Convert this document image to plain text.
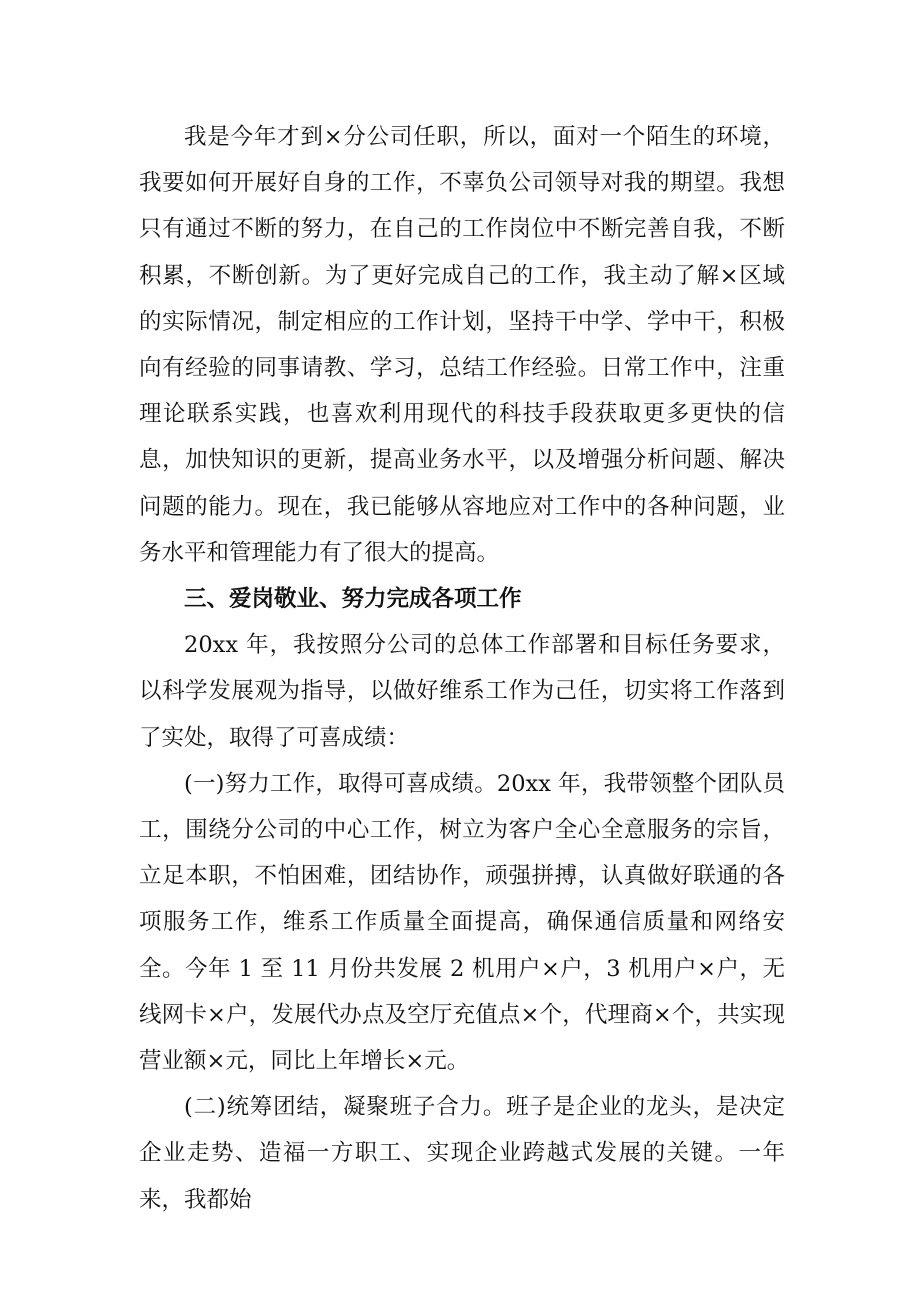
我是今年才到×分公司任职，所以，面对一个陌生的环境，我要如何开展好自身的工作，不辜负公司领导对我的期望。我想只有通过不断的努力，在自己的工作岗位中不断完善自我，不断积累，不断创新。为了更好完成自己的工作，我主动了解×区域的实际情况，制定相应的工作计划，坚持干中学、学中干，积极向有经验的同事请教、学习，总结工作经验。日常工作中，注重理论联系实践，也喜欢利用现代的科技手段获取更多更快的信息，加快知识的更新，提高业务水平，以及增强分析问题、解决问题的能力。现在，我已能够从容地应对工作中的各种问题，业务水平和管理能力有了很大的提高。

三、爱岗敬业、努力完成各项工作

20xx 年，我按照分公司的总体工作部署和目标任务要求，以科学发展观为指导，以做好维系工作为己任，切实将工作落到了实处，取得了可喜成绩：

(一)努力工作，取得可喜成绩。20xx 年，我带领整个团队员工，围绕分公司的中心工作，树立为客户全心全意服务的宗旨，立足本职，不怕困难，团结协作，顽强拼搏，认真做好联通的各项服务工作，维系工作质量全面提高，确保通信质量和网络安全。今年 1 至 11 月份共发展 2 机用户×户，3 机用户×户，无线网卡×户，发展代办点及空厅充值点×个，代理商×个，共实现营业额×元，同比上年增长×元。

(二)统筹团结，凝聚班子合力。班子是企业的龙头，是决定企业走势、造福一方职工、实现企业跨越式发展的关键。一年来，我都始
